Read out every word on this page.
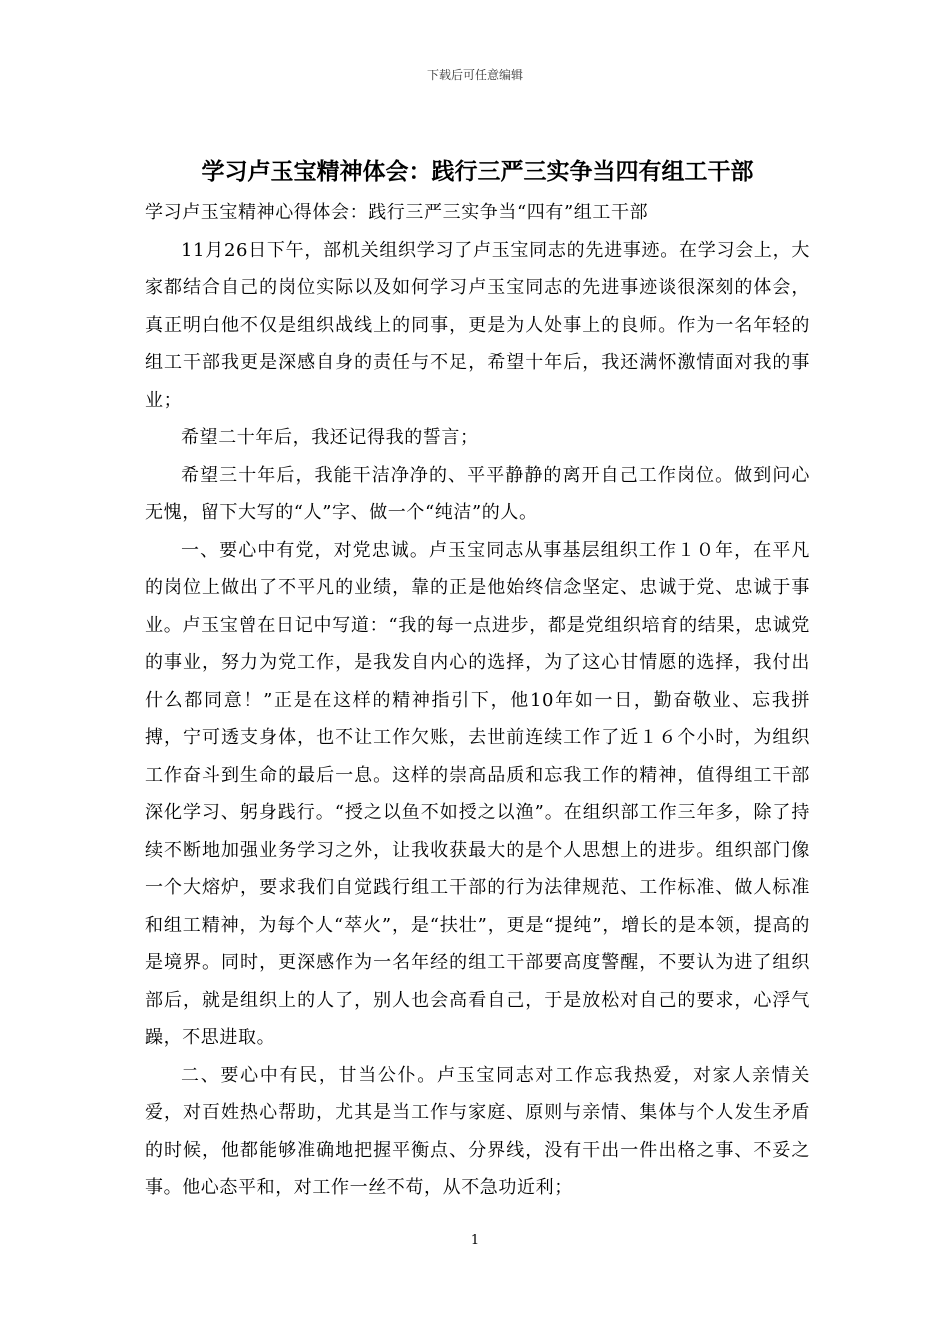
下载后可任意编辑
学习卢玉宝精神体会：践行三严三实争当四有组工干部

学习卢玉宝精神心得体会：践行三严三实争当“四有”组工干部

11月26日下午，部机关组织学习了卢玉宝同志的先进事迹。在学习会上，大家都结合自己的岗位实际以及如何学习卢玉宝同志的先进事迹谈很深刻的体会，真正明白他不仅是组织战线上的同事，更是为人处事上的良师。作为一名年轻的组工干部我更是深感自身的责任与不足，希望十年后，我还满怀激情面对我的事业；

希望二十年后，我还记得我的誓言；

希望三十年后，我能干洁净净的、平平静静的离开自己工作岗位。做到问心无愧，留下大写的“人”字、做一个“纯洁”的人。

一、要心中有党，对党忠诚。卢玉宝同志从事基层组织工作１０年，在平凡的岗位上做出了不平凡的业绩，靠的正是他始终信念坚定、忠诚于党、忠诚于事业。卢玉宝曾在日记中写道：“我的每一点进步，都是党组织培育的结果，忠诚党的事业，努力为党工作，是我发自内心的选择，为了这心甘情愿的选择，我付出什么都同意！”正是在这样的精神指引下，他10年如一日，勤奋敬业、忘我拼搏，宁可透支身体，也不让工作欠账，去世前连续工作了近１６个小时，为组织工作奋斗到生命的最后一息。这样的崇高品质和忘我工作的精神，值得组工干部深化学习、躬身践行。“授之以鱼不如授之以渔”。在组织部工作三年多，除了持续不断地加强业务学习之外，让我收获最大的是个人思想上的进步。组织部门像一个大熔炉，要求我们自觉践行组工干部的行为法律规范、工作标准、做人标准和组工精神，为每个人“萃火”，是“扶壮”，更是“提纯”，增长的是本领，提高的是境界。同时，更深感作为一名年经的组工干部要高度警醒，不要认为进了组织部后，就是组织上的人了，别人也会高看自己，于是放松对自己的要求，心浮气躁，不思进取。

二、要心中有民，甘当公仆。卢玉宝同志对工作忘我热爱，对家人亲情关爱，对百姓热心帮助，尤其是当工作与家庭、原则与亲情、集体与个人发生矛盾的时候，他都能够准确地把握平衡点、分界线，没有干出一件出格之事、不妥之事。他心态平和，对工作一丝不苟，从不急功近利；

1
